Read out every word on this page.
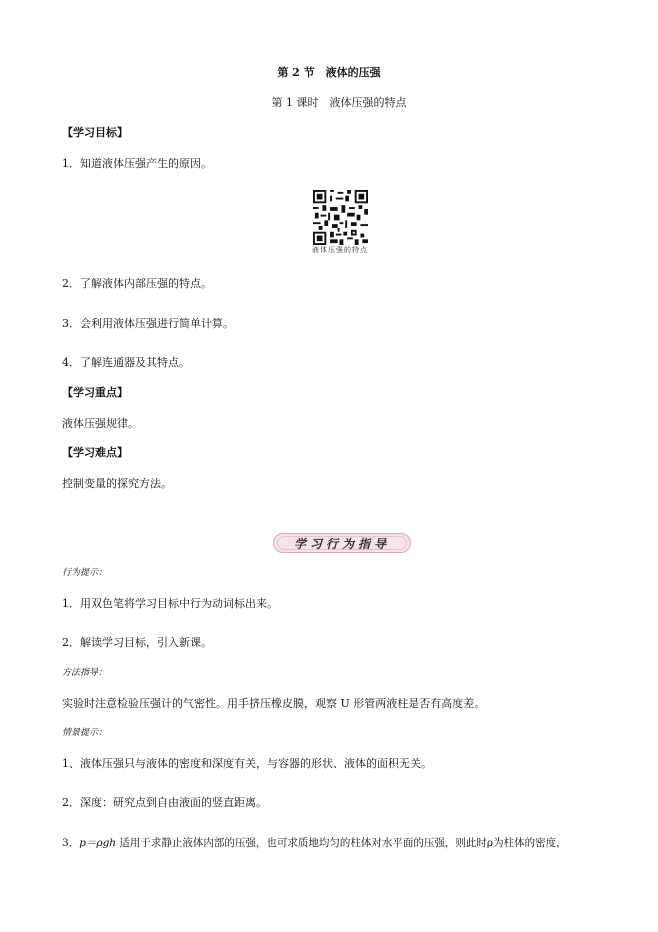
第 2 节　液体的压强
第 1 课时　液体压强的特点
【学习目标】
1．知道液体压强产生的原因。
液体压强的特点
2．了解液体内部压强的特点。
3．会利用液体压强进行简单计算。
4．了解连通器及其特点。
【学习重点】
液体压强规律。
【学习难点】
控制变量的探究方法。
学习行为指导
行为提示：
1．用双色笔将学习目标中行为动词标出来。
2．解读学习目标，引入新课。
方法指导：
实验时注意检验压强计的气密性。用手挤压橡皮膜，观察 U 形管两液柱是否有高度差。
情景提示：
1、液体压强只与液体的密度和深度有关，与容器的形状、液体的面积无关。
2．深度：研究点到自由液面的竖直距离。
3．p＝ρgh 适用于求静止液体内部的压强，也可求质地均匀的柱体对水平面的压强，则此时ρ为柱体的密度，
